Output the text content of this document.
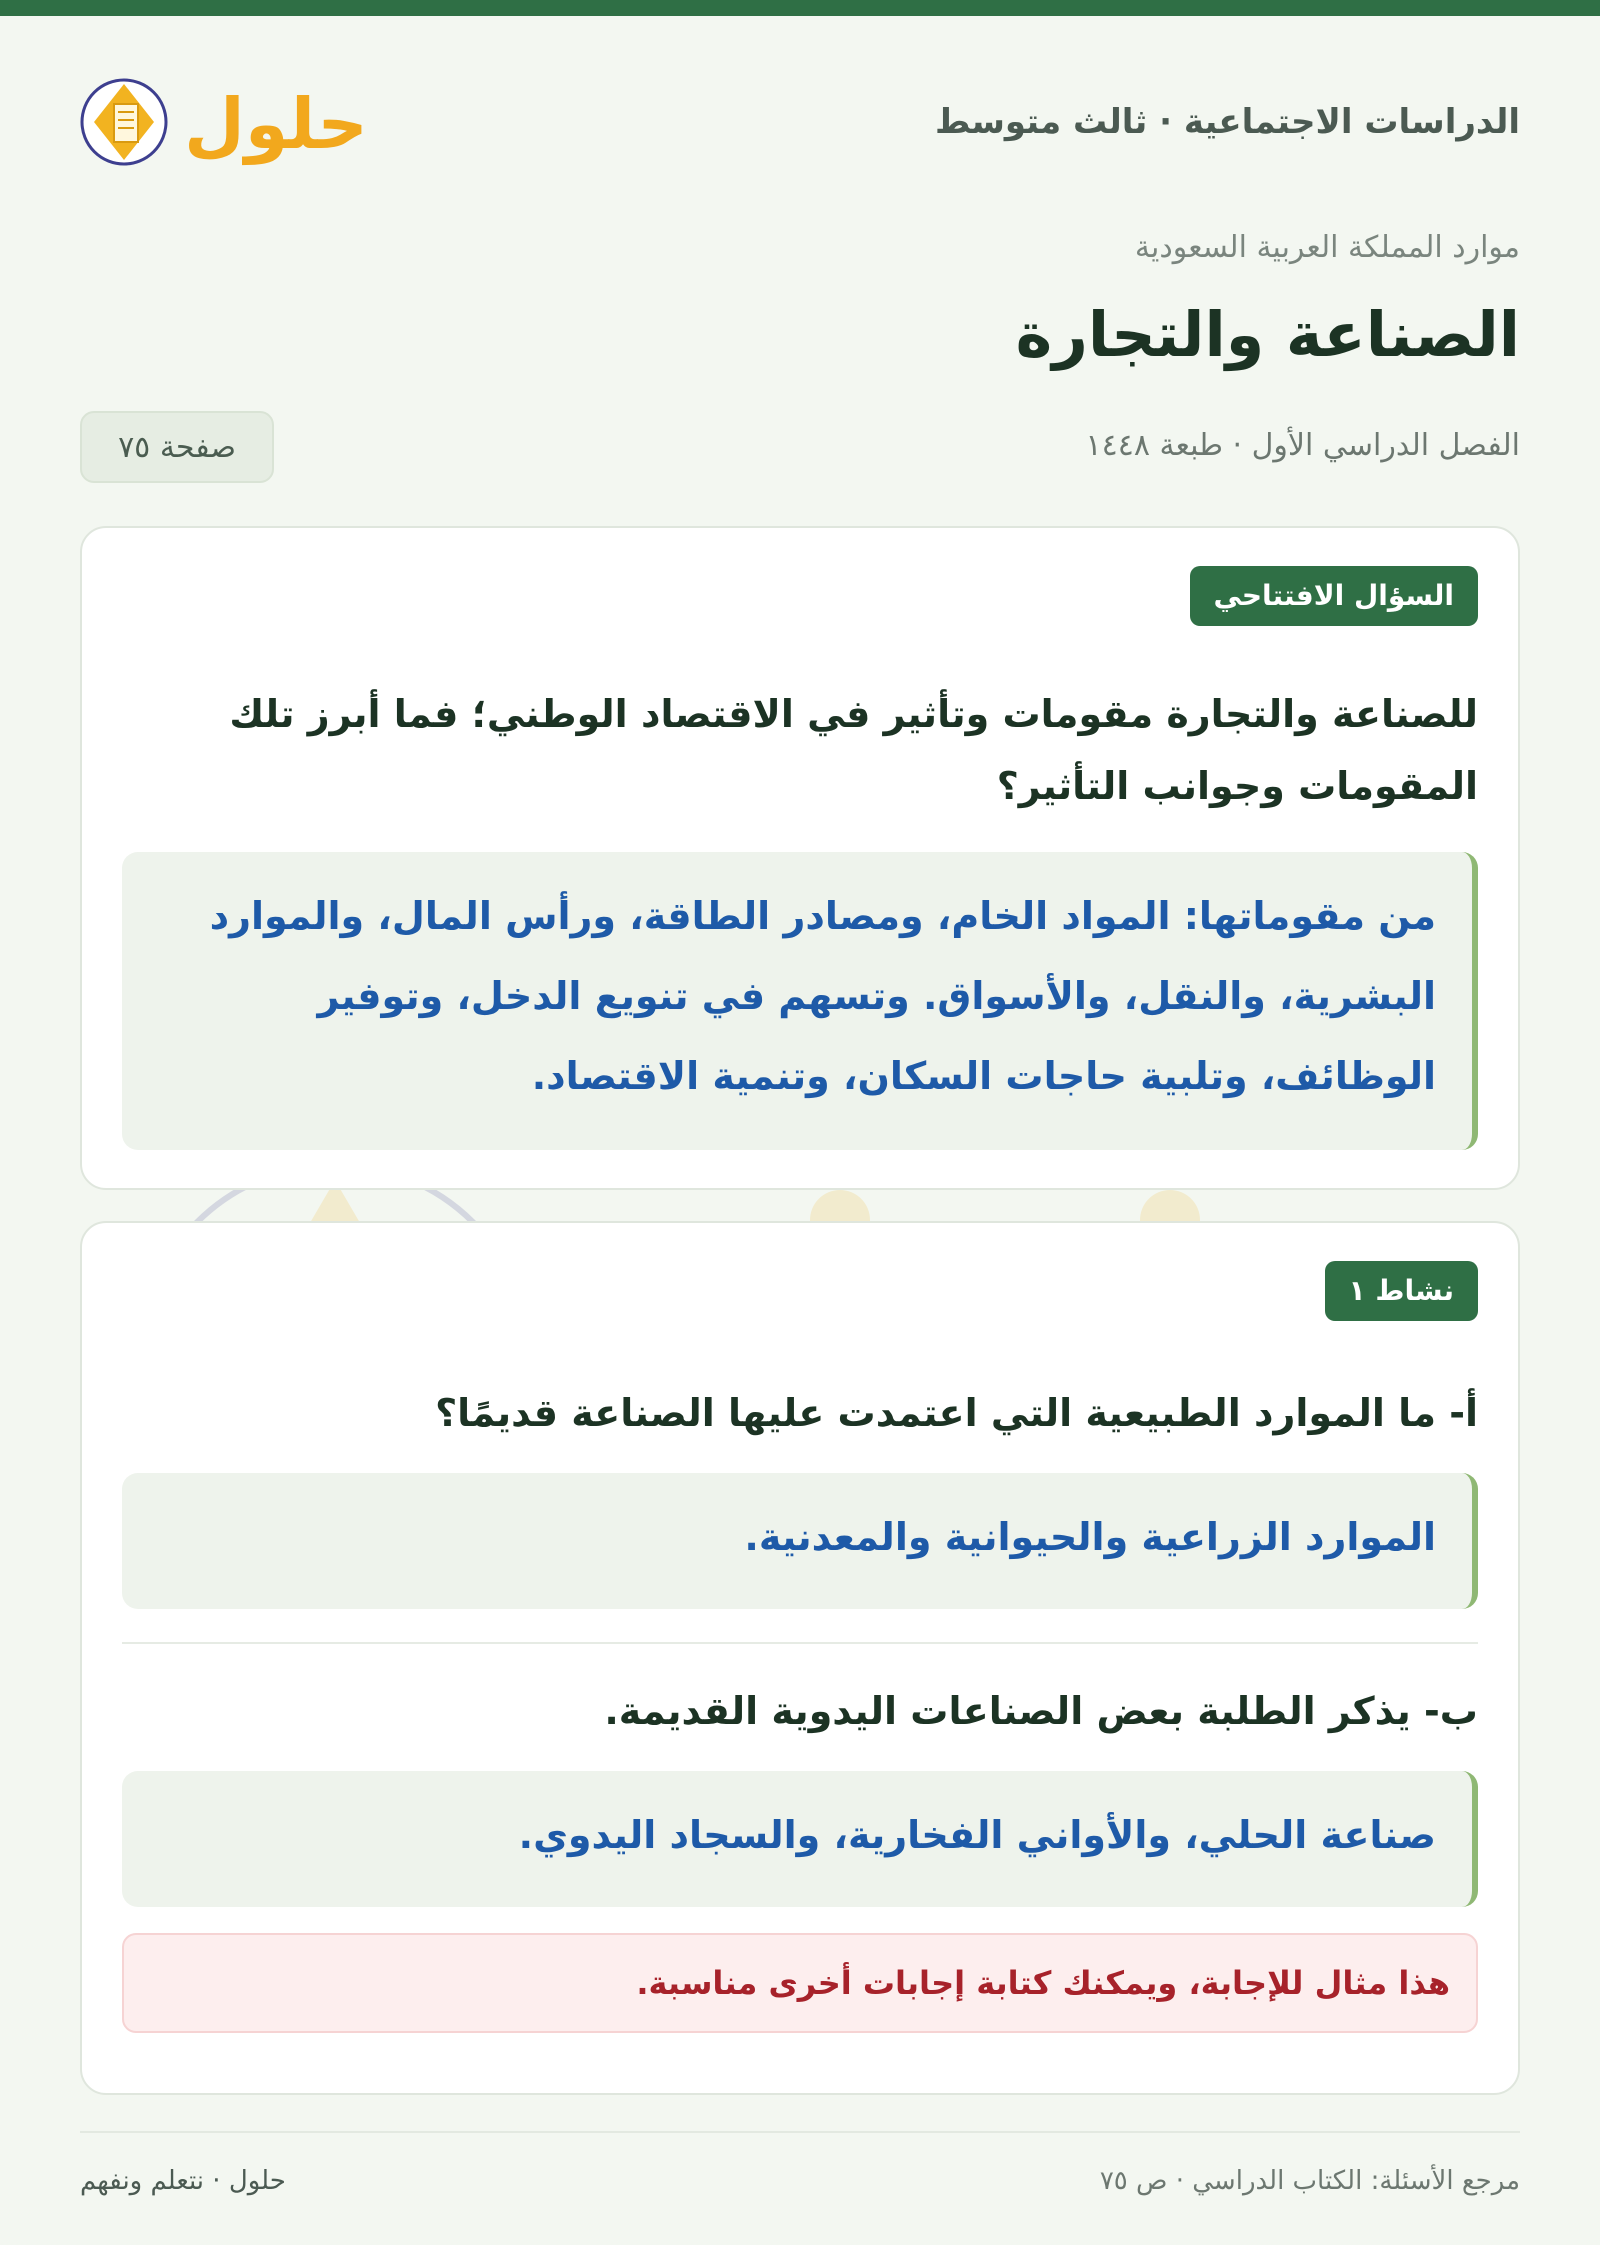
الدراسات الاجتماعية · ثالث متوسط
حلول
موارد المملكة العربية السعودية
الصناعة والتجارة
الفصل الدراسي الأول · طبعة ١٤٤٨
صفحة ٧٥
السؤال الافتتاحي
للصناعة والتجارة مقومات وتأثير في الاقتصاد الوطني؛ فما أبرز تلك المقومات وجوانب التأثير؟
من مقوماتها: المواد الخام، ومصادر الطاقة، ورأس المال، والموارد البشرية، والنقل، والأسواق. وتسهم في تنويع الدخل، وتوفير الوظائف، وتلبية حاجات السكان، وتنمية الاقتصاد.
نشاط ١
أ- ما الموارد الطبيعية التي اعتمدت عليها الصناعة قديمًا؟
الموارد الزراعية والحيوانية والمعدنية.
ب- يذكر الطلبة بعض الصناعات اليدوية القديمة.
صناعة الحلي، والأواني الفخارية، والسجاد اليدوي.
هذا مثال للإجابة، ويمكنك كتابة إجابات أخرى مناسبة.
مرجع الأسئلة: الكتاب الدراسي · ص ٧٥
حلول · نتعلم ونفهم
